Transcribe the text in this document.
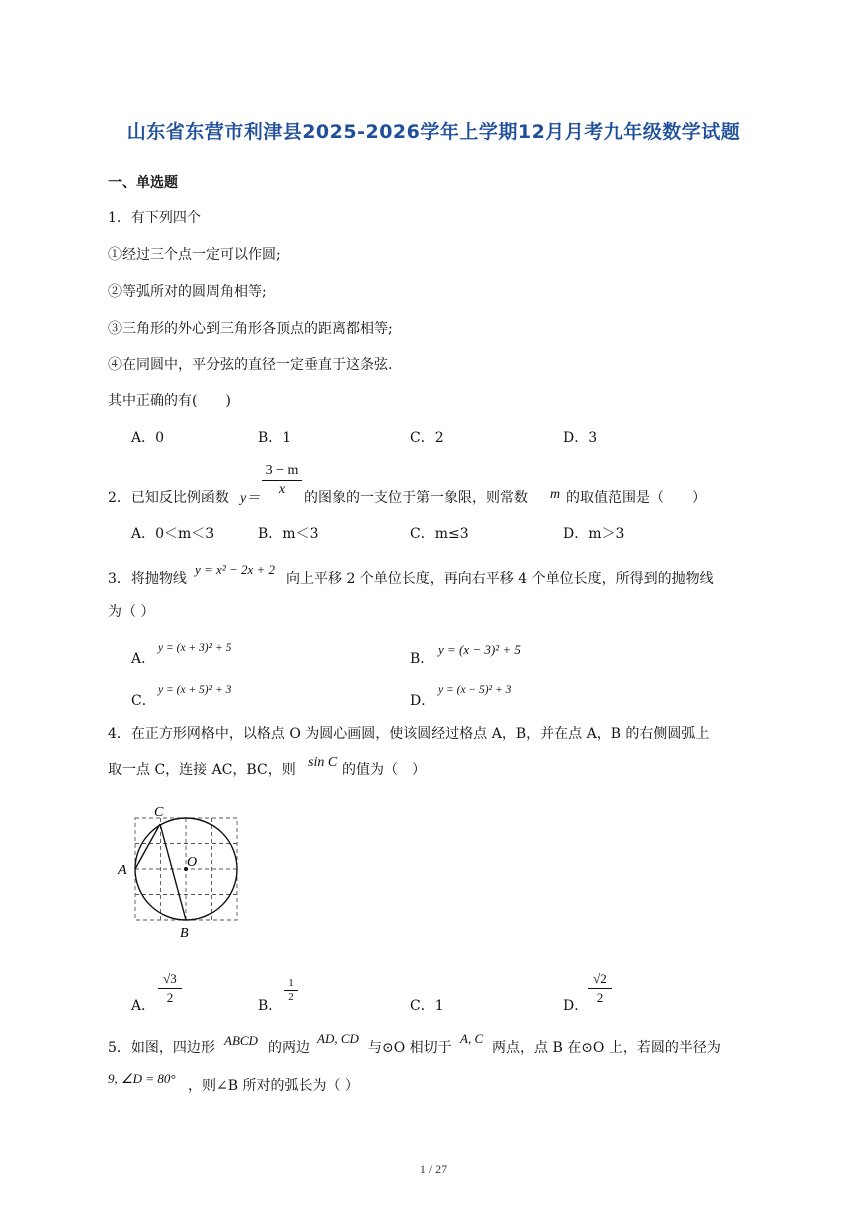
山东省东营市利津县2025-2026学年上学期12月月考九年级数学试题
一、单选题
1．有下列四个
①经过三个点一定可以作圆;
②等弧所对的圆周角相等;
③三角形的外心到三角形各顶点的距离都相等;
④在同圆中，平分弦的直径一定垂直于这条弦.
其中正确的有(　　)
A．0	B．1	C．2	D．3
2．已知反比例函数 $y= \frac{3 - m}{x}$ 的图象的一支位于第一象限，则常数 m 的取值范围是（　　）
A．0＜m＜3	B．m＜3	C．m≤3	D．m＞3
3．将抛物线
y = x² − 2x + 2
向上平移 2 个单位长度，再向右平移 4 个单位长度，所得到的抛物线
为（ ）
A．
y = (x + 3)² + 5
B．
y = (x − 3)² + 5
C．
y = (x + 5)² + 3
D．
y = (x − 5)² + 3
4．在正方形网格中，以格点 O 为圆心画圆，使该圆经过格点 A，B，并在点 A，B 的右侧圆弧上
取一点 C，连接 AC，BC，则 sin C 的值为（　）
C
A
O
B
A． $\frac{√3}{2}$	B．
$\frac{1}{2}$
C．1	D． $\frac{√2}{2}$
5．如图，四边形 ABCD 的两边
AD, CD
与⊙O 相切于
A, C
两点，点 B 在⊙O 上，若圆的半径为
9, ∠D = 80° ，则∠B 所对的弧长为（ ）
1 / 27
